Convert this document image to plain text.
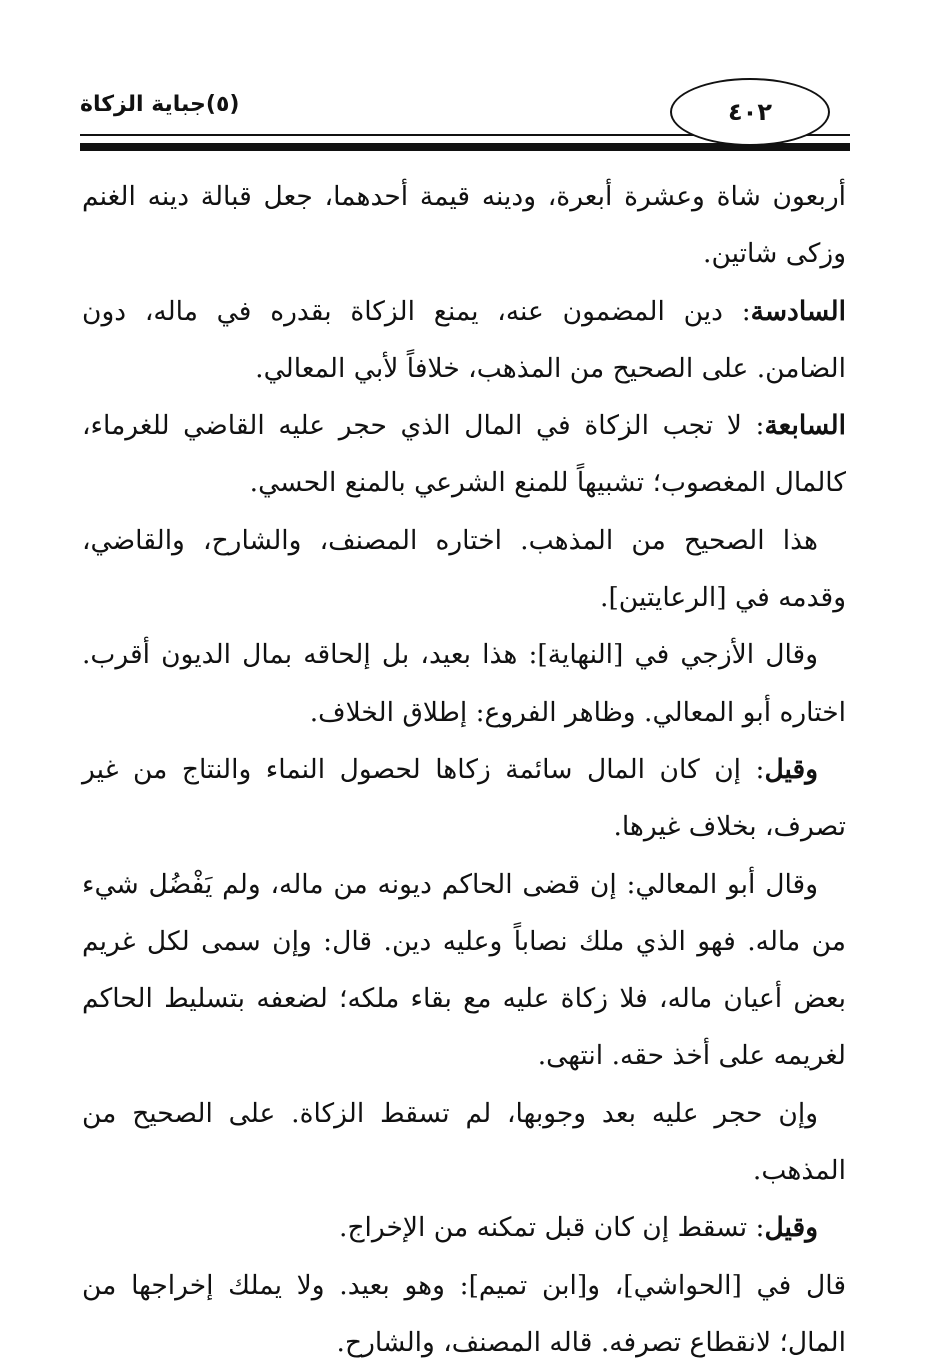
(٥)جباية الزكاة	٤٠٢

أربعون شاة وعشرة أبعرة، ودينه قيمة أحدهما، جعل قبالة دينه الغنم وزكى شاتين.

السادسة: دين المضمون عنه، يمنع الزكاة بقدره في ماله، دون الضامن. على الصحيح من المذهب، خلافاً لأبي المعالي.

السابعة: لا تجب الزكاة في المال الذي حجر عليه القاضي للغرماء، كالمال المغصوب؛ تشبيهاً للمنع الشرعي بالمنع الحسي.

هذا الصحيح من المذهب. اختاره المصنف، والشارح، والقاضي، وقدمه في [الرعايتين].

وقال الأزجي في [النهاية]: هذا بعيد، بل إلحاقه بمال الديون أقرب. اختاره أبو المعالي. وظاهر الفروع: إطلاق الخلاف.

وقيل: إن كان المال سائمة زكاها لحصول النماء والنتاج من غير تصرف، بخلاف غيرها.

وقال أبو المعالي: إن قضى الحاكم ديونه من ماله، ولم يَفْضُل شيء من ماله. فهو الذي ملك نصاباً وعليه دين. قال: وإن سمى لكل غريم بعض أعيان ماله، فلا زكاة عليه مع بقاء ملكه؛ لضعفه بتسليط الحاكم لغريمه على أخذ حقه. انتهى.

وإن حجر عليه بعد وجوبها، لم تسقط الزكاة. على الصحيح من المذهب.

وقيل: تسقط إن كان قبل تمكنه من الإخراج.

قال في [الحواشي]، و[ابن تميم]: وهو بعيد. ولا يملك إخراجها من المال؛ لانقطاع تصرفه. قاله المصنف، والشارح.
